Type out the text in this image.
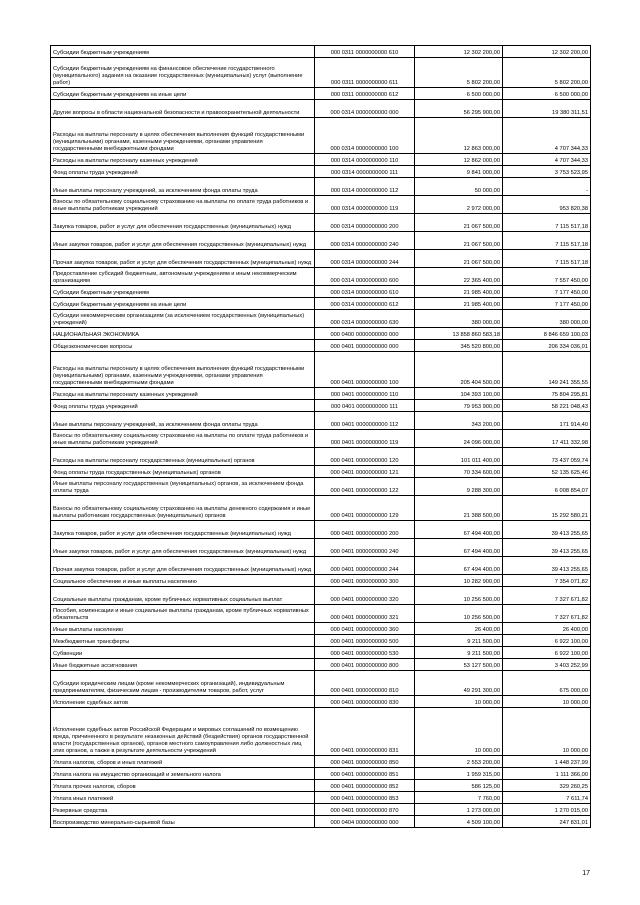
Субсидии бюджетным учреждениям	000 0311 0000000000 610	12 302 200,00	12 302 200,00
Субсидии бюджетным учреждениям на финансовое обеспечение государственного (муниципального) задания на оказание государственных (муниципальных) услуг (выполнение работ)	000 0311 0000000000 611	5 802 200,00	5 802 200,00
Субсидии бюджетным учреждениям на иные цели	000 0311 0000000000 612	6 500 000,00	6 500 000,00
Другие вопросы в области национальной безопасности и правоохранительной деятельности	000 0314 0000000000 000	56 295 900,00	19 380 311,51
Расходы на выплаты персоналу в целях обеспечения выполнения функций государственными (муниципальными) органами, казенными учреждениями, органами управления государственными внебюджетными фондами	000 0314 0000000000 100	12 863 000,00	4 707 344,33
Расходы на выплаты персоналу казенных учреждений	000 0314 0000000000 110	12 862 000,00	4 707 344,33
Фонд оплаты труда учреждений	000 0314 0000000000 111	9 841 000,00	3 753 523,95
Иные выплаты персоналу учреждений, за исключением фонда оплаты труда	000 0314 0000000000 112	50 000,00	-
Взносы по обязательному социальному страхованию на выплаты по оплате труда работников и иные выплаты работникам учреждений	000 0314 0000000000 119	2 972 000,00	953 820,38
Закупка товаров, работ и услуг для обеспечения государственных (муниципальных) нужд	000 0314 0000000000 200	21 067 500,00	7 115 517,18
Иные закупки товаров, работ и услуг для обеспечения государственных (муниципальных) нужд	000 0314 0000000000 240	21 067 500,00	7 115 517,18
Прочая закупка товаров, работ и услуг для обеспечения государственных (муниципальных) нужд	000 0314 0000000000 244	21 067 500,00	7 115 517,18
Предоставление субсидий бюджетным, автономным учреждениям и иным некоммерческим организациям	000 0314 0000000000 600	22 365 400,00	7 557 450,00
Субсидии бюджетным учреждениям	000 0314 0000000000 610	21 985 400,00	7 177 450,00
Субсидии бюджетным учреждениям на иные цели	000 0314 0000000000 612	21 985 400,00	7 177 450,00
Субсидии некоммерческим организациям (за исключением государственных (муниципальных) учреждений)	000 0314 0000000000 630	380 000,00	380 000,00
НАЦИОНАЛЬНАЯ ЭКОНОМИКА	000 0400 0000000000 000	13 858 860 583,18	8 846 659 100,03
Общеэкономические вопросы	000 0401 0000000000 000	345 520 800,00	206 334 036,01
Расходы на выплаты персоналу в целях обеспечения выполнения функций государственными (муниципальными) органами, казенными учреждениями, органами управления государственными внебюджетными фондами	000 0401 0000000000 100	205 404 500,00	149 241 355,55
Расходы на выплаты персоналу казенных учреждений	000 0401 0000000000 110	104 393 100,00	75 804 295,81
Фонд оплаты труда учреждений	000 0401 0000000000 111	79 953 900,00	58 221 048,43
Иные выплаты персоналу учреждений, за исключением фонда оплаты труда	000 0401 0000000000 112	343 200,00	171 914,40
Взносы по обязательному социальному страхованию на выплаты по оплате труда работников и иные выплаты работникам учреждений	000 0401 0000000000 119	24 096 000,00	17 411 332,98
Расходы на выплаты персоналу государственных (муниципальных) органов	000 0401 0000000000 120	101 011 400,00	73 437 059,74
Фонд оплаты труда государственных (муниципальных) органов	000 0401 0000000000 121	70 334 600,00	52 135 625,46
Иные выплаты персоналу государственных (муниципальных) органов, за исключением фонда оплаты труда	000 0401 0000000000 122	9 288 300,00	6 008 854,07
Взносы по обязательному социальному страхованию на выплаты денежного содержания и иные выплаты работникам государственных (муниципальных) органов	000 0401 0000000000 129	21 388 500,00	15 292 580,21
Закупка товаров, работ и услуг для обеспечения государственных (муниципальных) нужд	000 0401 0000000000 200	67 494 400,00	39 413 255,65
Иные закупки товаров, работ и услуг для обеспечения государственных (муниципальных) нужд	000 0401 0000000000 240	67 494 400,00	39 413 255,65
Прочая закупка товаров, работ и услуг для обеспечения государственных (муниципальных) нужд	000 0401 0000000000 244	67 494 400,00	39 413 255,65
Социальное обеспечение и иные выплаты населению	000 0401 0000000000 300	10 282 900,00	7 354 071,82
Социальные выплаты гражданам, кроме публичных нормативных социальных выплат	000 0401 0000000000 320	10 256 500,00	7 327 671,82
Пособия, компенсации и иные социальные выплаты гражданам, кроме публичных нормативных обязательств	000 0401 0000000000 321	10 256 500,00	7 327 671,82
Иные выплаты населению	000 0401 0000000000 360	26 400,00	26 400,00
Межбюджетные трансферты	000 0401 0000000000 500	9 211 500,00	6 922 100,00
Субвенции	000 0401 0000000000 530	9 211 500,00	6 922 100,00
Иные бюджетные ассигнования	000 0401 0000000000 800	53 127 500,00	3 403 252,99
Субсидии юридическим лицам (кроме некоммерческих организаций), индивидуальным предпринимателям, физическим лицам - производителям товаров, работ, услуг	000 0401 0000000000 810	49 291 300,00	675 000,00
Исполнение судебных актов	000 0401 0000000000 830	10 000,00	10 000,00
Исполнение судебных актов Российской Федерации и мировых соглашений по возмещению вреда, причиненного в результате незаконных действий (бездействия) органов государственной власти (государственных органов), органов местного самоуправления либо должностных лиц этих органов, а также в результате деятельности учреждений	000 0401 0000000000 831	10 000,00	10 000,00
Уплата налогов, сборов и иных платежей	000 0401 0000000000 850	2 553 200,00	1 448 237,99
Уплата налога на имущество организаций и земельного налога	000 0401 0000000000 851	1 959 315,00	1 111 366,00
Уплата прочих налогов, сборов	000 0401 0000000000 852	586 125,00	329 260,25
Уплата иных платежей	000 0401 0000000000 853	7 760,00	7 611,74
Резервные средства	000 0401 0000000000 870	1 273 000,00	1 270 015,00
Воспроизводство минерально-сырьевой базы	000 0404 0000000000 000	4 509 100,00	247 831,01
17
